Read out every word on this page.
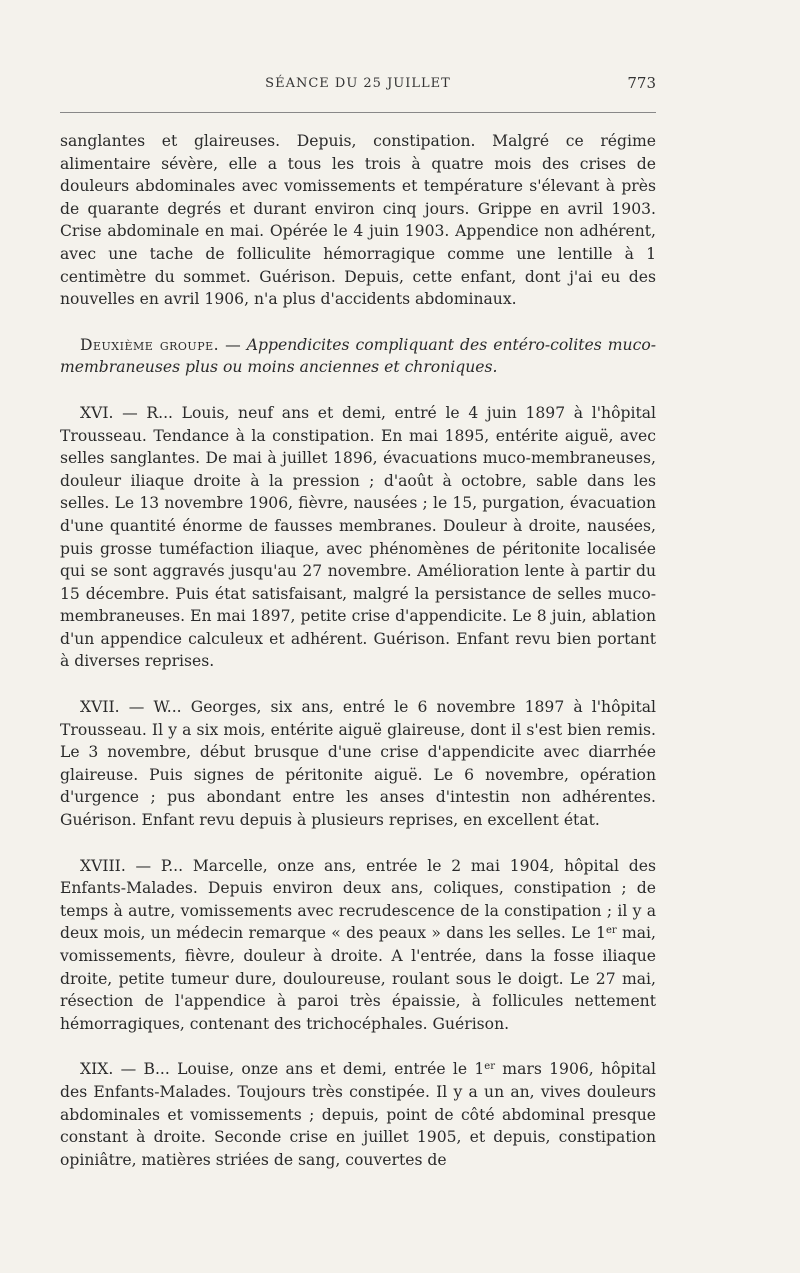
SÉANCE DU 25 JUILLET	773

sanglantes et glaireuses. Depuis, constipation. Malgré ce régime alimentaire sévère, elle a tous les trois à quatre mois des crises de douleurs abdominales avec vomissements et température s'élevant à près de quarante degrés et durant environ cinq jours. Grippe en avril 1903. Crise abdominale en mai. Opérée le 4 juin 1903. Appendice non adhérent, avec une tache de folliculite hémorragique comme une lentille à 1 centimètre du sommet. Guérison. Depuis, cette enfant, dont j'ai eu des nouvelles en avril 1906, n'a plus d'accidents abdominaux.

Deuxième groupe. — Appendicites compliquant des entéro-colites muco-membraneuses plus ou moins anciennes et chroniques.

XVI. — R... Louis, neuf ans et demi, entré le 4 juin 1897 à l'hôpital Trousseau. Tendance à la constipation. En mai 1895, entérite aiguë, avec selles sanglantes. De mai à juillet 1896, évacuations muco-membraneuses, douleur iliaque droite à la pression ; d'août à octobre, sable dans les selles. Le 13 novembre 1906, fièvre, nausées ; le 15, purgation, évacuation d'une quantité énorme de fausses membranes. Douleur à droite, nausées, puis grosse tuméfaction iliaque, avec phénomènes de péritonite localisée qui se sont aggravés jusqu'au 27 novembre. Amélioration lente à partir du 15 décembre. Puis état satisfaisant, malgré la persistance de selles muco-membraneuses. En mai 1897, petite crise d'appendicite. Le 8 juin, ablation d'un appendice calculeux et adhérent. Guérison. Enfant revu bien portant à diverses reprises.

XVII. — W... Georges, six ans, entré le 6 novembre 1897 à l'hôpital Trousseau. Il y a six mois, entérite aiguë glaireuse, dont il s'est bien remis. Le 3 novembre, début brusque d'une crise d'appendicite avec diarrhée glaireuse. Puis signes de péritonite aiguë. Le 6 novembre, opération d'urgence ; pus abondant entre les anses d'intestin non adhérentes. Guérison. Enfant revu depuis à plusieurs reprises, en excellent état.

XVIII. — P... Marcelle, onze ans, entrée le 2 mai 1904, hôpital des Enfants-Malades. Depuis environ deux ans, coliques, constipation ; de temps à autre, vomissements avec recrudescence de la constipation ; il y a deux mois, un médecin remarque « des peaux » dans les selles. Le 1er mai, vomissements, fièvre, douleur à droite. A l'entrée, dans la fosse iliaque droite, petite tumeur dure, douloureuse, roulant sous le doigt. Le 27 mai, résection de l'appendice à paroi très épaissie, à follicules nettement hémorragiques, contenant des trichocéphales. Guérison.

XIX. — B... Louise, onze ans et demi, entrée le 1er mars 1906, hôpital des Enfants-Malades. Toujours très constipée. Il y a un an, vives douleurs abdominales et vomissements ; depuis, point de côté abdominal presque constant à droite. Seconde crise en juillet 1905, et depuis, constipation opiniâtre, matières striées de sang, couvertes de
